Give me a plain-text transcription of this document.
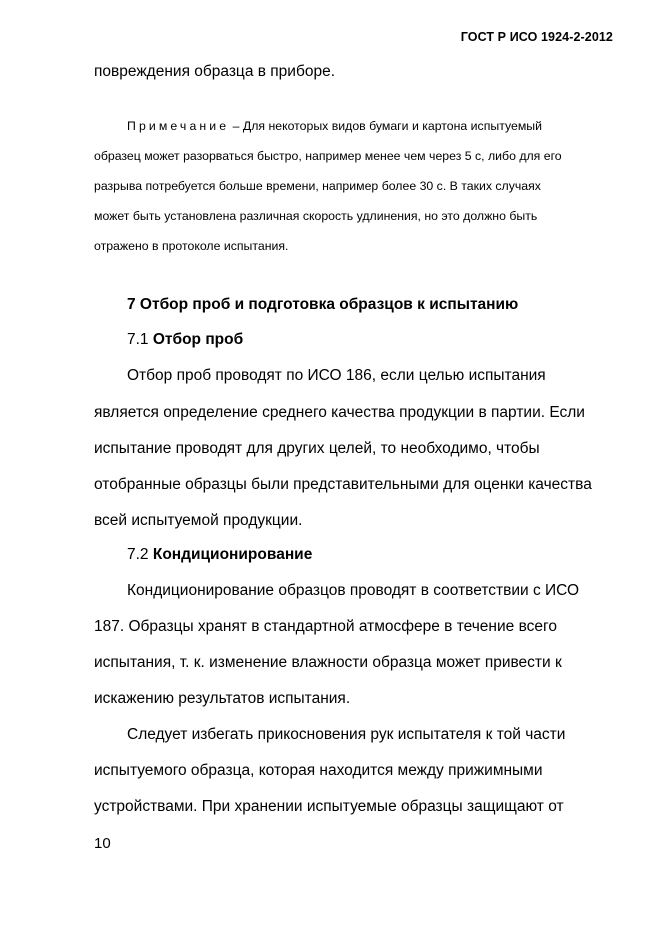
ГОСТ Р ИСО 1924-2-2012
повреждения образца в приборе.
Примечание – Для некоторых видов бумаги и картона испытуемый
образец может разорваться быстро, например менее чем через 5 с, либо для его
разрыва потребуется больше времени, например более 30 с. В таких случаях
может быть установлена различная скорость удлинения, но это должно быть
отражено в протоколе испытания.
7 Отбор проб и подготовка образцов к испытанию
7.1 Отбор проб
Отбор проб проводят по ИСО 186, если целью испытания
является определение среднего качества продукции в партии. Если
испытание проводят для других целей, то необходимо, чтобы
отобранные образцы были представительными для оценки качества
всей испытуемой продукции.
7.2 Кондиционирование
Кондиционирование образцов проводят в соответствии с ИСО
187. Образцы хранят в стандартной атмосфере в течение всего
испытания, т. к. изменение влажности образца может привести к
искажению результатов испытания.
Следует избегать прикосновения рук испытателя к той части
испытуемого образца, которая находится между прижимными
устройствами. При хранении испытуемые образцы защищают от
10
